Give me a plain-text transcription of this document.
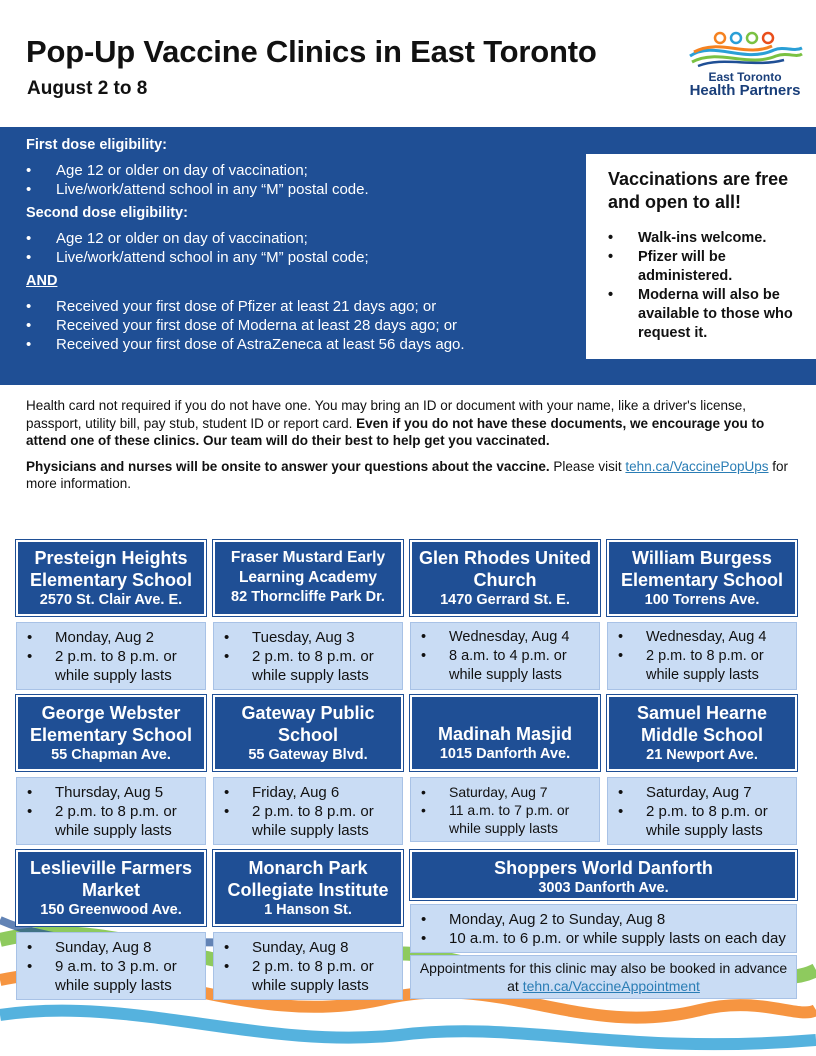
Pop-Up Vaccine Clinics in East Toronto
August 2 to 8
East Toronto
Health Partners
First dose eligibility:
• Age 12 or older on day of vaccination;
• Live/work/attend school in any “M” postal code.
Second dose eligibility:
• Age 12 or older on day of vaccination;
• Live/work/attend school in any “M” postal code;
AND
• Received your first dose of Pfizer at least 21 days ago; or
• Received your first dose of Moderna at least 28 days ago; or
• Received your first dose of AstraZeneca at least 56 days ago.
Vaccinations are free and open to all!
• Walk-ins welcome.
• Pfizer will be administered.
• Moderna will also be available to those who request it.

Health card not required if you do not have one. You may bring an ID or document with your name, like a driver's license, passport, utility bill, pay stub, student ID or report card. Even if you do not have these documents, we encourage you to attend one of these clinics. Our team will do their best to help get you vaccinated.

Physicians and nurses will be onsite to answer your questions about the vaccine. Please visit tehn.ca/VaccinePopUps for more information.

Presteign Heights Elementary School
2570 St. Clair Ave. E.
• Monday, Aug 2
• 2 p.m. to 8 p.m. or while supply lasts
Fraser Mustard Early Learning Academy
82 Thorncliffe Park Dr.
• Tuesday, Aug 3
• 2 p.m. to 8 p.m. or while supply lasts
Glen Rhodes United Church
1470 Gerrard St. E.
• Wednesday, Aug 4
• 8 a.m. to 4 p.m. or while supply lasts
William Burgess Elementary School
100 Torrens Ave.
• Wednesday, Aug 4
• 2 p.m. to 8 p.m. or while supply lasts
George Webster Elementary School
55 Chapman Ave.
• Thursday, Aug 5
• 2 p.m. to 8 p.m. or while supply lasts
Gateway Public School
55 Gateway Blvd.
• Friday, Aug 6
• 2 p.m. to 8 p.m. or while supply lasts
Madinah Masjid
1015 Danforth Ave.
• Saturday, Aug 7
• 11 a.m. to 7 p.m. or while supply lasts
Samuel Hearne Middle School
21 Newport Ave.
• Saturday, Aug 7
• 2 p.m. to 8 p.m. or while supply lasts
Leslieville Farmers Market
150 Greenwood Ave.
• Sunday, Aug 8
• 9 a.m. to 3 p.m. or while supply lasts
Monarch Park Collegiate Institute
1 Hanson St.
• Sunday, Aug 8
• 2 p.m. to 8 p.m. or while supply lasts
Shoppers World Danforth
3003 Danforth Ave.
• Monday, Aug 2 to Sunday, Aug 8
• 10 a.m. to 6 p.m. or while supply lasts on each day
Appointments for this clinic may also be booked in advance at tehn.ca/VaccineAppointment
